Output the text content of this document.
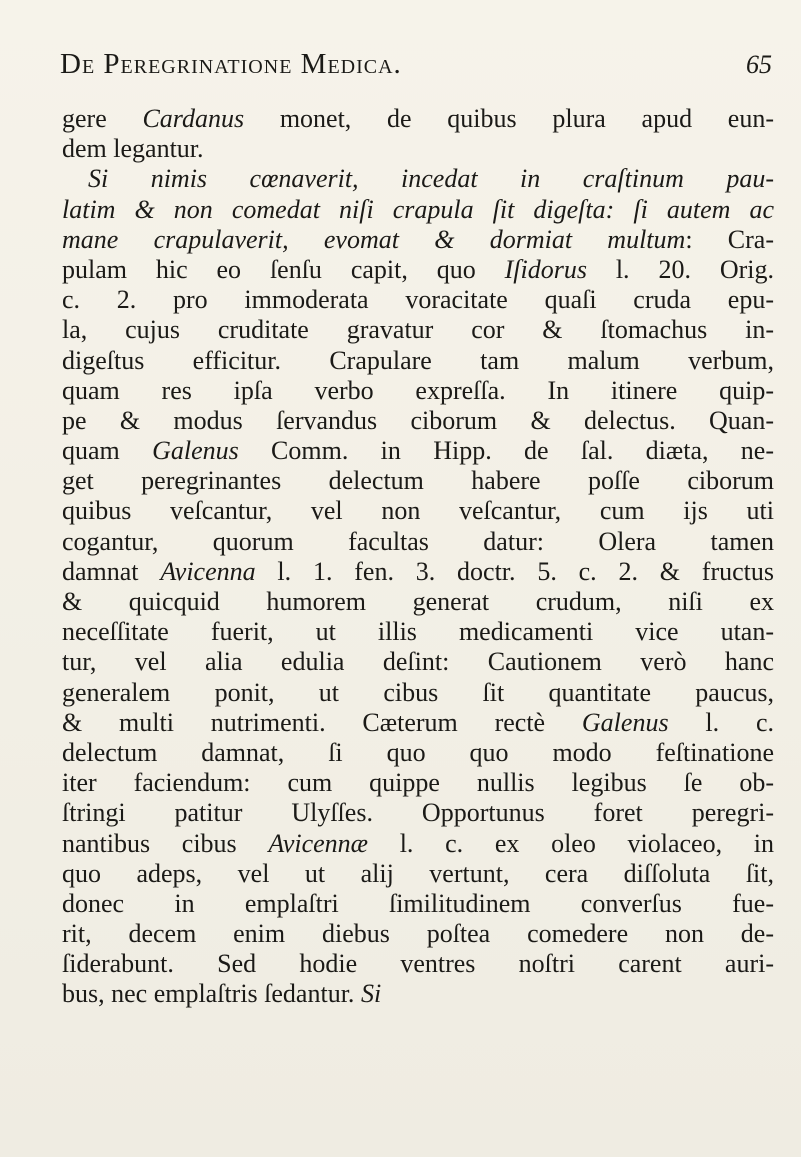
De Peregrinatione Medica.	65
gere Cardanus monet, de quibus plura apud eun-
dem legantur.
Si nimis cœnaverit, incedat in craſtinum pau-
latim & non comedat niſi crapula ſit digeſta: ſi autem ac
mane crapulaverit, evomat & dormiat multum: Cra-
pulam hic eo ſenſu capit, quo Iſidorus l. 20. Orig.
c. 2. pro immoderata voracitate quaſi cruda epu-
la, cujus cruditate gravatur cor & ſtomachus in-
digeſtus efficitur. Crapulare tam malum verbum,
quam res ipſa verbo expreſſa. In itinere quip-
pe & modus ſervandus ciborum & delectus. Quan-
quam Galenus Comm. in Hipp. de ſal. diæta, ne-
get peregrinantes delectum habere poſſe ciborum
quibus veſcantur, vel non veſcantur, cum ijs uti
cogantur, quorum facultas datur: Olera tamen
damnat Avicenna l. 1. fen. 3. doctr. 5. c. 2. & fructus
& quicquid humorem generat crudum, niſi ex
neceſſitate fuerit, ut illis medicamenti vice utan-
tur, vel alia edulia deſint: Cautionem verò hanc
generalem ponit, ut cibus ſit quantitate paucus,
& multi nutrimenti. Cæterum rectè Galenus l. c.
delectum damnat, ſi quo quo modo feſtinatione
iter faciendum: cum quippe nullis legibus ſe ob-
ſtringi patitur Ulyſſes. Opportunus foret peregri-
nantibus cibus Avicennæ l. c. ex oleo violaceo, in
quo adeps, vel ut alij vertunt, cera diſſoluta ſit,
donec in emplaſtri ſimilitudinem converſus fue-
rit, decem enim diebus poſtea comedere non de-
ſiderabunt. Sed hodie ventres noſtri carent auri-
bus, nec emplaſtris ſedantur. Si
